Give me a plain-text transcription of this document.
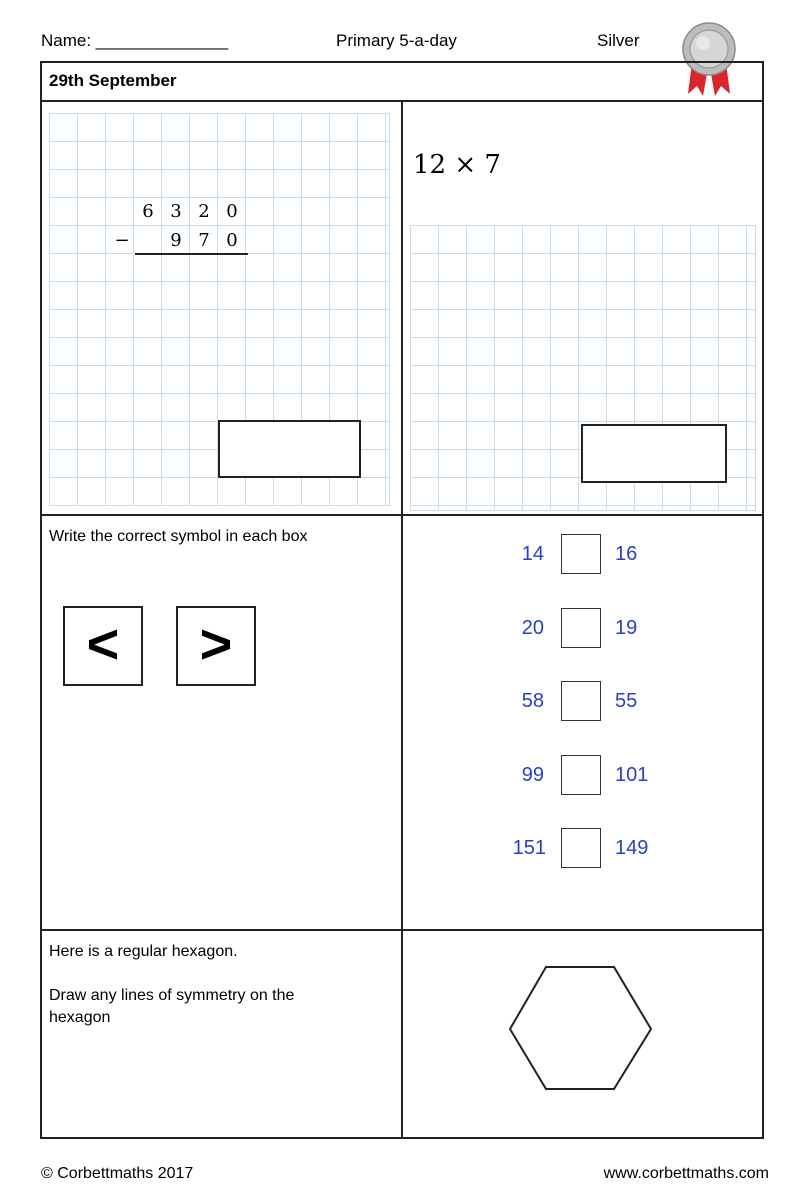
Name: ______________	Primary 5-a-day	Silver
29th September
6 3 2 0
−	9 7 0
12 × 7
Write the correct symbol in each box
<	>
14	16
20	19
58	55
99	101
151	149
Here is a regular hexagon.
Draw any lines of symmetry on the hexagon
© Corbettmaths 2017	www.corbettmaths.com
